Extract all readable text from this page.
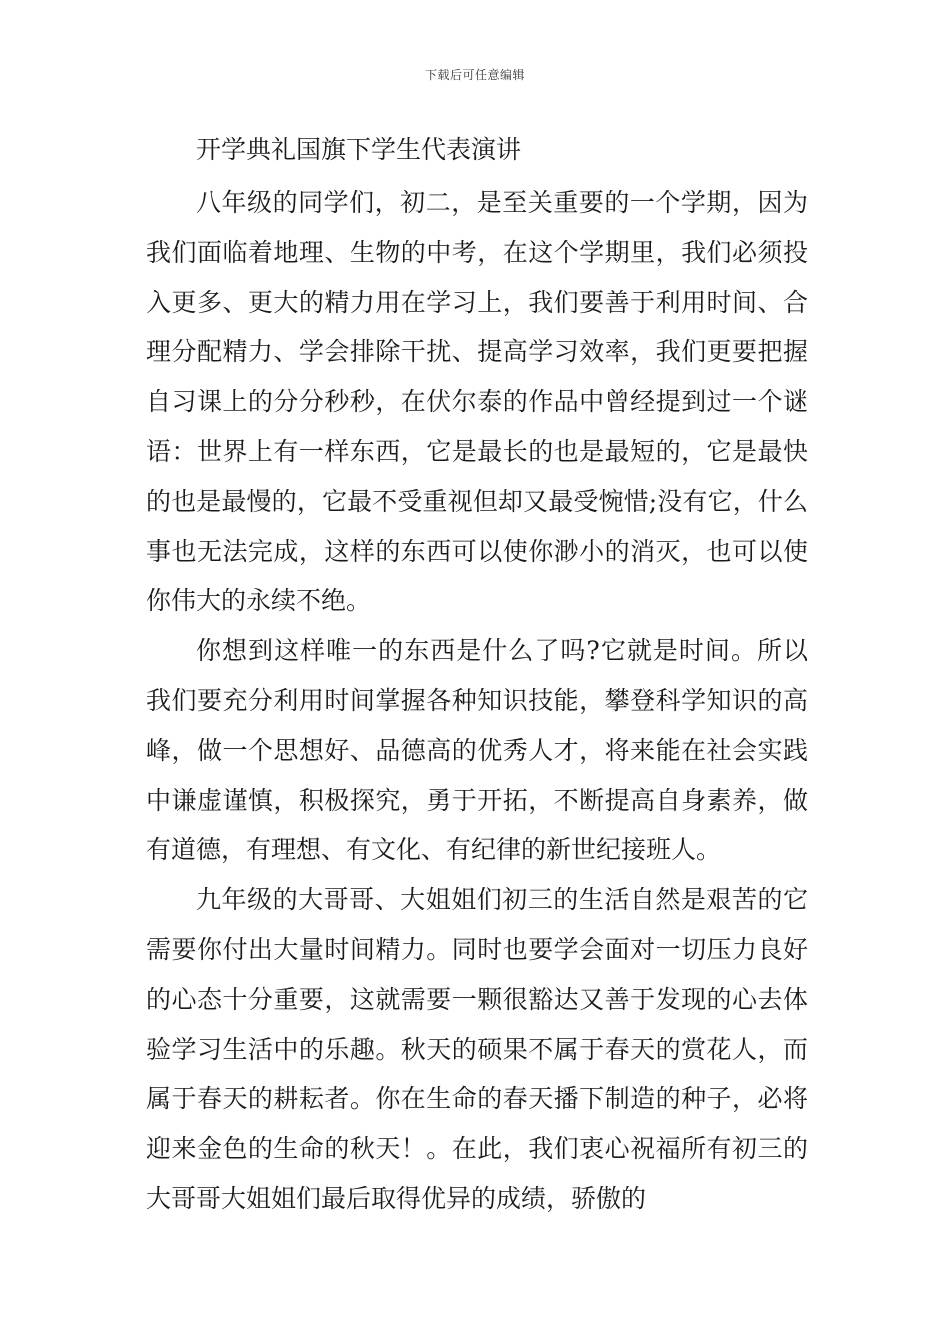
下载后可任意编辑
开学典礼国旗下学生代表演讲

八年级的同学们，初二，是至关重要的一个学期，因为我们面临着地理、生物的中考，在这个学期里，我们必须投入更多、更大的精力用在学习上，我们要善于利用时间、合理分配精力、学会排除干扰、提高学习效率，我们更要把握自习课上的分分秒秒，在伏尔泰的作品中曾经提到过一个谜语：世界上有一样东西，它是最长的也是最短的，它是最快的也是最慢的，它最不受重视但却又最受惋惜;没有它，什么事也无法完成，这样的东西可以使你渺小的消灭，也可以使你伟大的永续不绝。

你想到这样唯一的东西是什么了吗?它就是时间。所以我们要充分利用时间掌握各种知识技能，攀登科学知识的高峰，做一个思想好、品德高的优秀人才，将来能在社会实践中谦虚谨慎，积极探究，勇于开拓，不断提高自身素养，做有道德，有理想、有文化、有纪律的新世纪接班人。

九年级的大哥哥、大姐姐们初三的生活自然是艰苦的它需要你付出大量时间精力。同时也要学会面对一切压力良好的心态十分重要，这就需要一颗很豁达又善于发现的心去体验学习生活中的乐趣。秋天的硕果不属于春天的赏花人，而属于春天的耕耘者。你在生命的春天播下制造的种子，必将迎来金色的生命的秋天！。在此，我们衷心祝福所有初三的大哥哥大姐姐们最后取得优异的成绩，骄傲的
